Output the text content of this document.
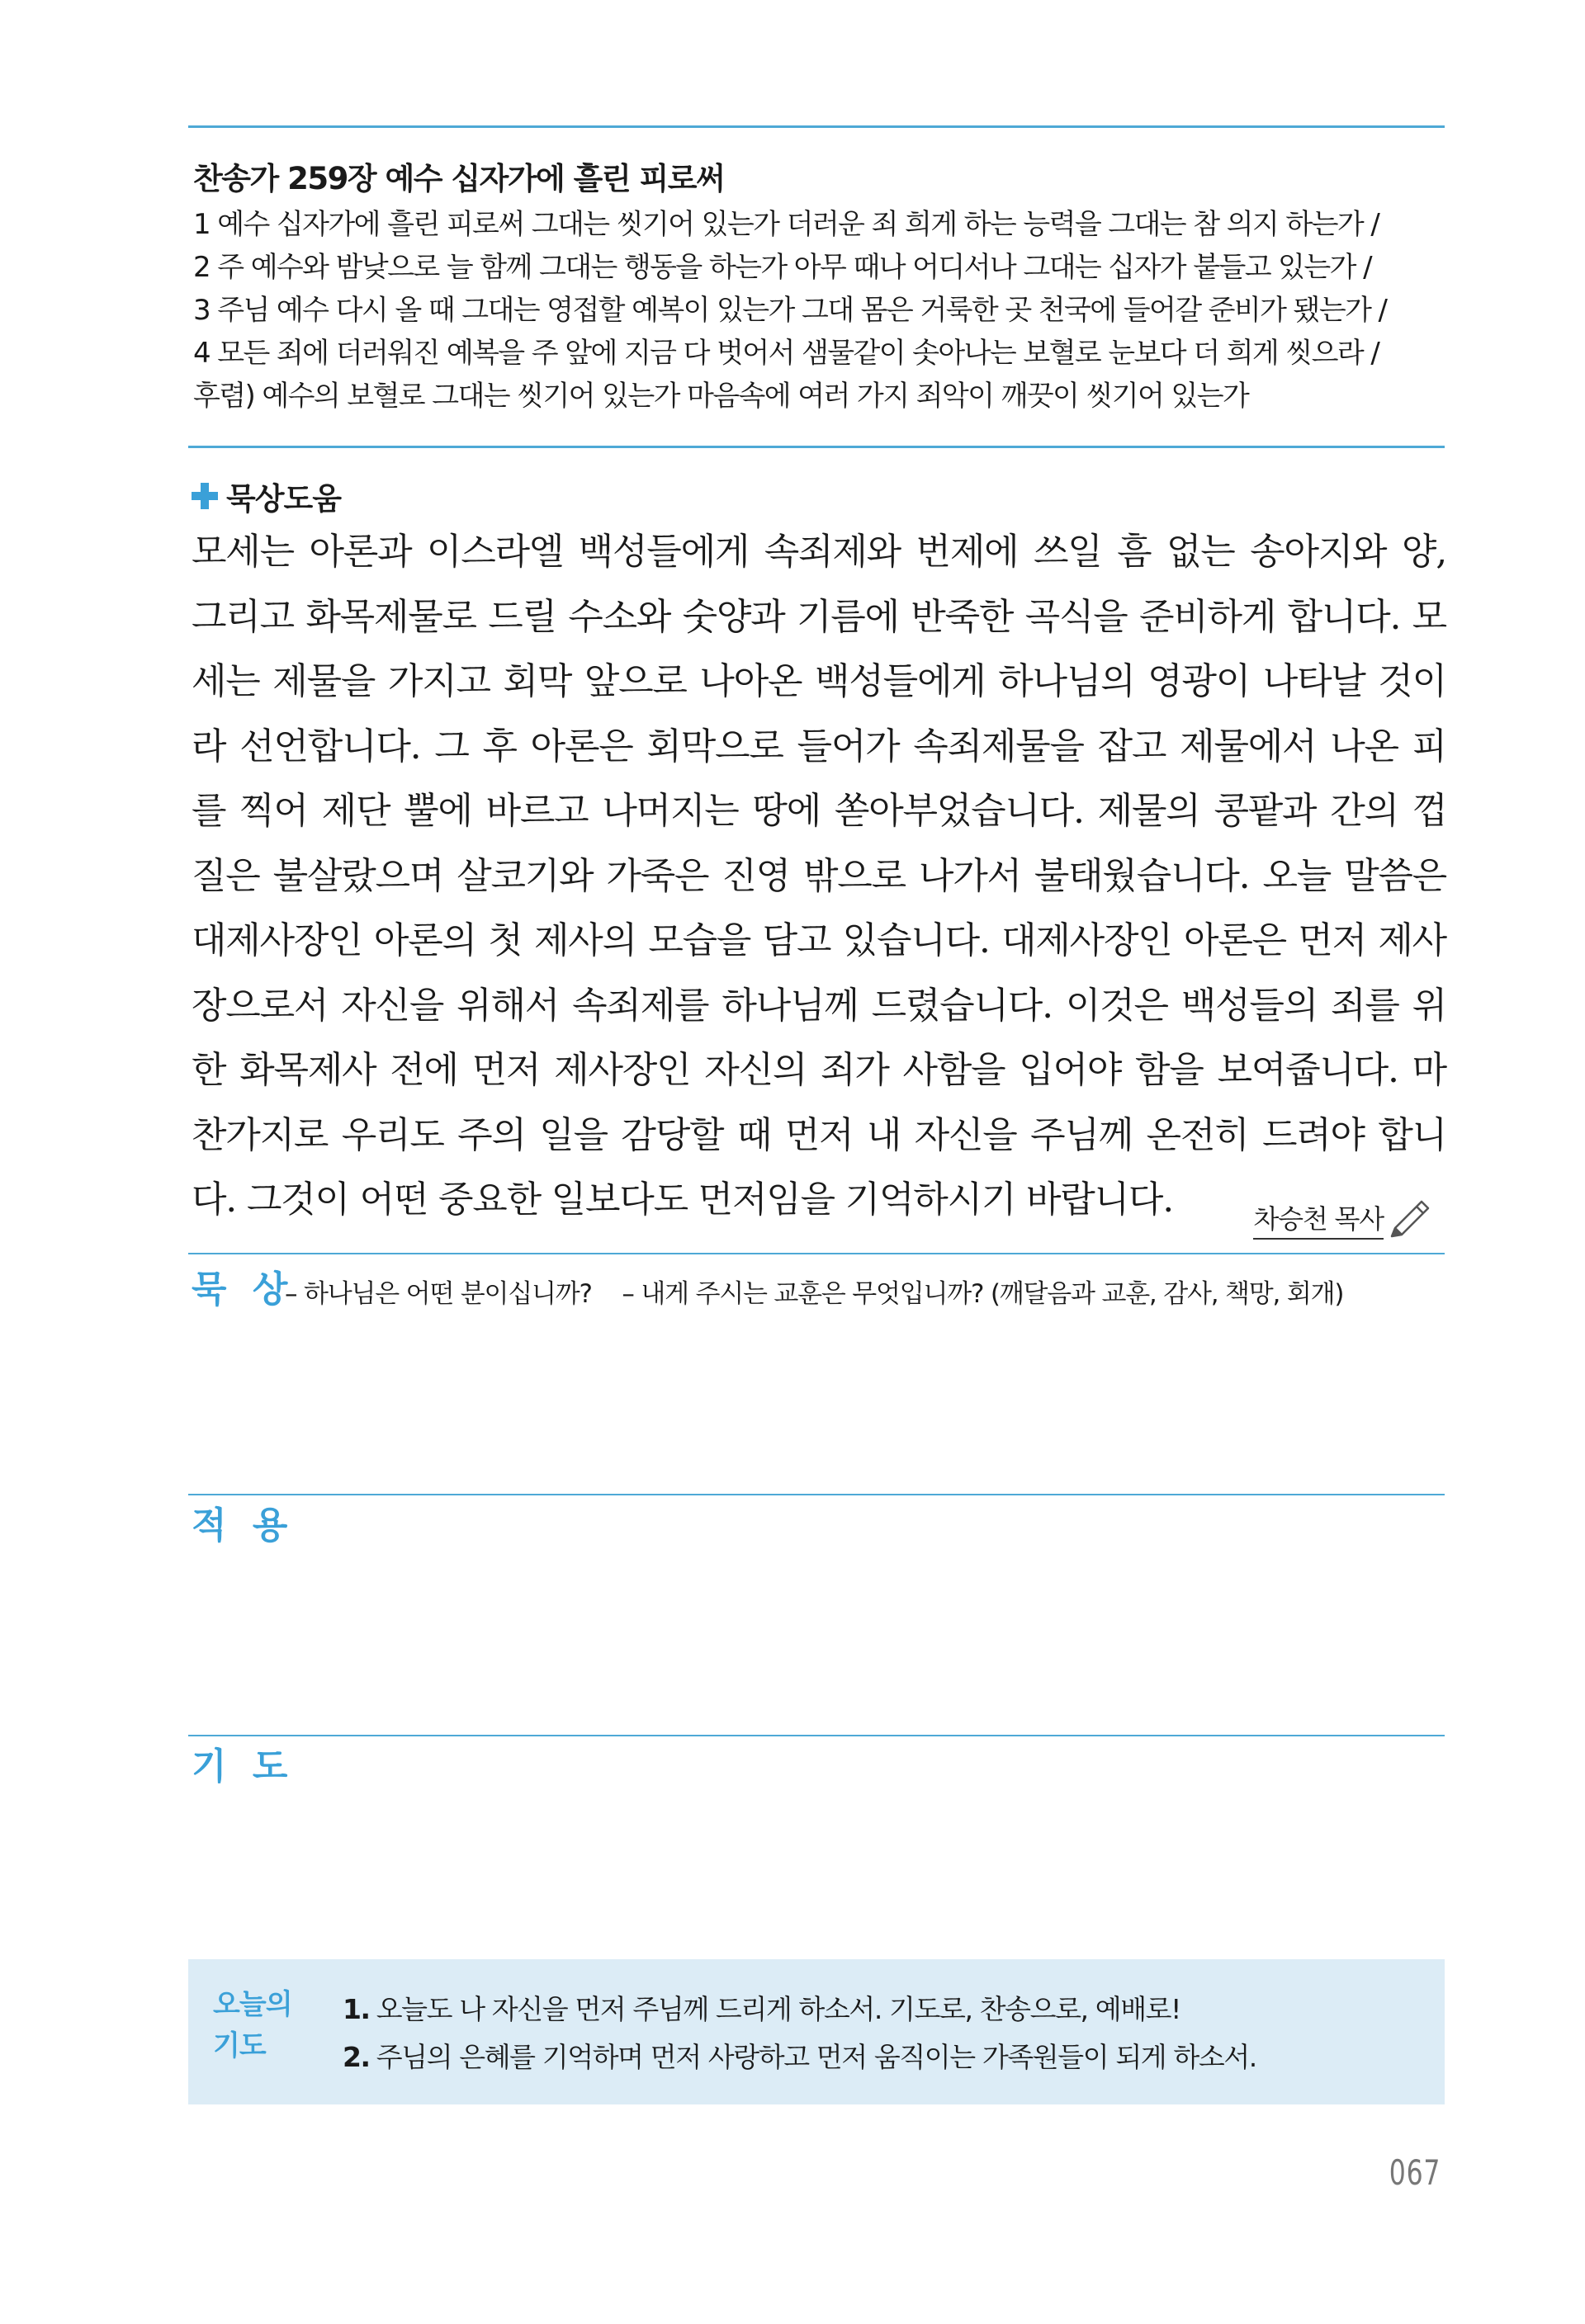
찬송가 259장 예수 십자가에 흘린 피로써
1 예수 십자가에 흘린 피로써 그대는 씻기어 있는가 더러운 죄 희게 하는 능력을 그대는 참 의지 하는가 /
2 주 예수와 밤낮으로 늘 함께 그대는 행동을 하는가 아무 때나 어디서나 그대는 십자가 붙들고 있는가 /
3 주님 예수 다시 올 때 그대는 영접할 예복이 있는가 그대 몸은 거룩한 곳 천국에 들어갈 준비가 됐는가 /
4 모든 죄에 더러워진 예복을 주 앞에 지금 다 벗어서 샘물같이 솟아나는 보혈로 눈보다 더 희게 씻으라 /
후렴) 예수의 보혈로 그대는 씻기어 있는가 마음속에 여러 가지 죄악이 깨끗이 씻기어 있는가
묵상도움
모세는 아론과 이스라엘 백성들에게 속죄제와 번제에 쓰일 흠 없는 송아지와 양,
그리고 화목제물로 드릴 수소와 숫양과 기름에 반죽한 곡식을 준비하게 합니다. 모
세는 제물을 가지고 회막 앞으로 나아온 백성들에게 하나님의 영광이 나타날 것이
라 선언합니다. 그 후 아론은 회막으로 들어가 속죄제물을 잡고 제물에서 나온 피
를 찍어 제단 뿔에 바르고 나머지는 땅에 쏟아부었습니다. 제물의 콩팥과 간의 껍
질은 불살랐으며 살코기와 가죽은 진영 밖으로 나가서 불태웠습니다. 오늘 말씀은
대제사장인 아론의 첫 제사의 모습을 담고 있습니다. 대제사장인 아론은 먼저 제사
장으로서 자신을 위해서 속죄제를 하나님께 드렸습니다. 이것은 백성들의 죄를 위
한 화목제사 전에 먼저 제사장인 자신의 죄가 사함을 입어야 함을 보여줍니다. 마
찬가지로 우리도 주의 일을 감당할 때 먼저 내 자신을 주님께 온전히 드려야 합니
다. 그것이 어떤 중요한 일보다도 먼저임을 기억하시기 바랍니다.	차승천 목사
묵 상
– 하나님은 어떤 분이십니까? – 내게 주시는 교훈은 무엇입니까? (깨달음과 교훈, 감사, 책망, 회개)
적 용
기 도
오늘의
기도
1. 오늘도 나 자신을 먼저 주님께 드리게 하소서. 기도로, 찬송으로, 예배로!
2. 주님의 은혜를 기억하며 먼저 사랑하고 먼저 움직이는 가족원들이 되게 하소서.
067
